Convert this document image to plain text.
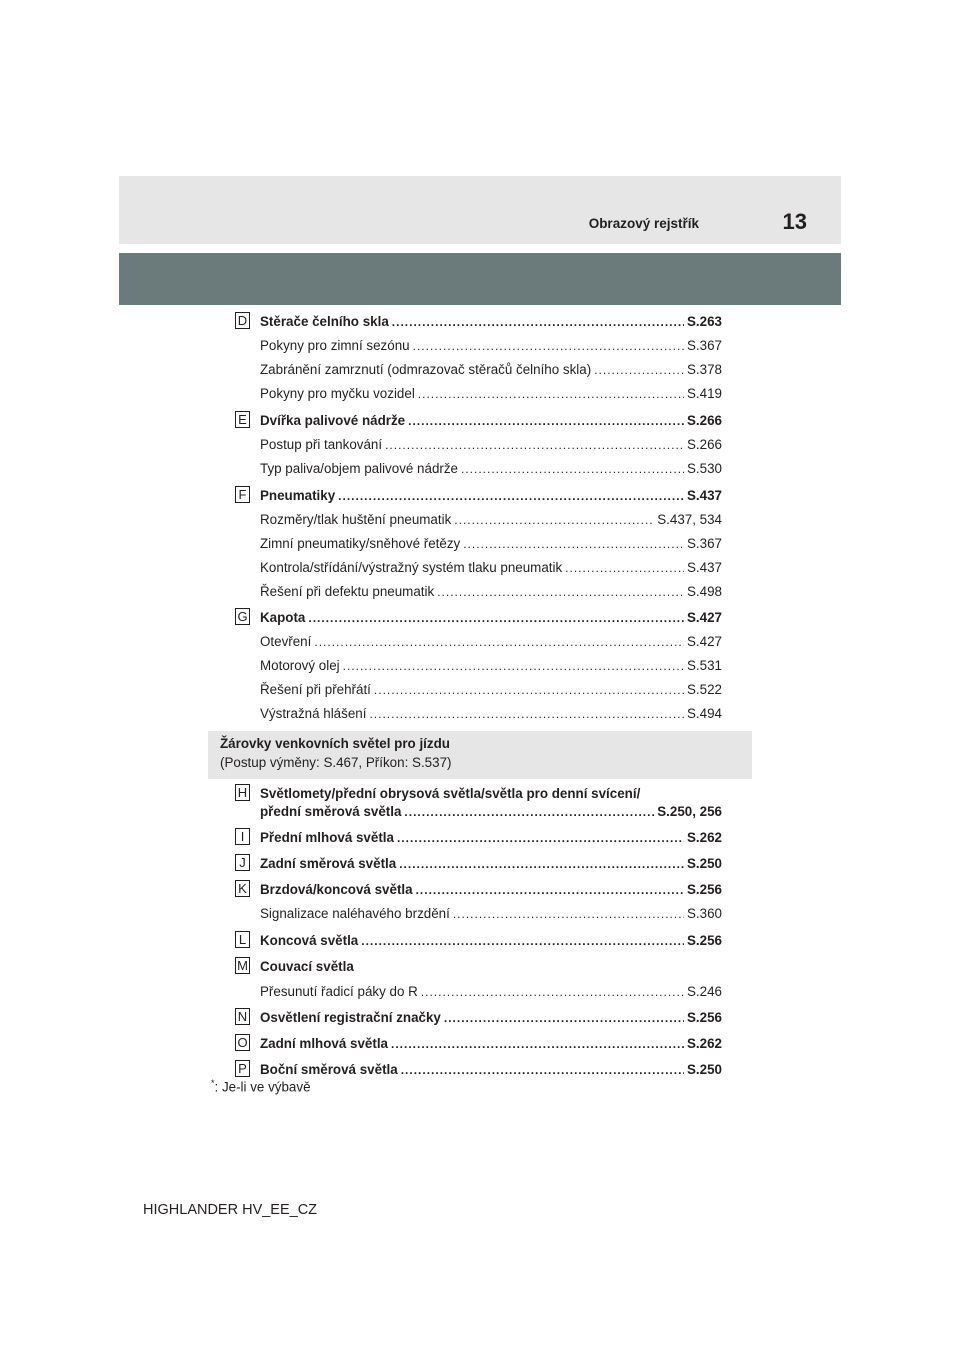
Obrazový rejstřík	13
D Stěrače čelního skla .....	S.263
Pokyny pro zimní sezónu .....	S.367
Zabránění zamrznutí (odmrazovač stěračů čelního skla) .....	S.378
Pokyny pro myčku vozidel .....	S.419
E Dvířka palivové nádrže .....	S.266
Postup při tankování .....	S.266
Typ paliva/objem palivové nádrže .....	S.530
F Pneumatiky .....	S.437
Rozměry/tlak huštění pneumatik .....	S.437, 534
Zimní pneumatiky/sněhové řetězy .....	S.367
Kontrola/střídání/výstražný systém tlaku pneumatik .....	S.437
Řešení při defektu pneumatik .....	S.498
G Kapota .....	S.427
Otevření .....	S.427
Motorový olej .....	S.531
Řešení při přehřátí .....	S.522
Výstražná hlášení .....	S.494
Žárovky venkovních světel pro jízdu
(Postup výměny: S.467, Příkon: S.537)
H Světlomety/přední obrysová světla/světla pro denní svícení/
přední směrová světla .....	S.250, 256
I	Přední mlhová světla .....	S.262
J	Zadní směrová světla .....	S.250
K Brzdová/koncová světla .....	S.256
Signalizace naléhavého brzdění .....	S.360
L Koncová světla .....	S.256
M Couvací světla
Přesunutí řadicí páky do R .....	S.246
N Osvětlení registrační značky .....	S.256
O Zadní mlhová světla .....	S.262
P Boční směrová světla .....	S.250
*: Je-li ve výbavě
HIGHLANDER HV_EE_CZ
